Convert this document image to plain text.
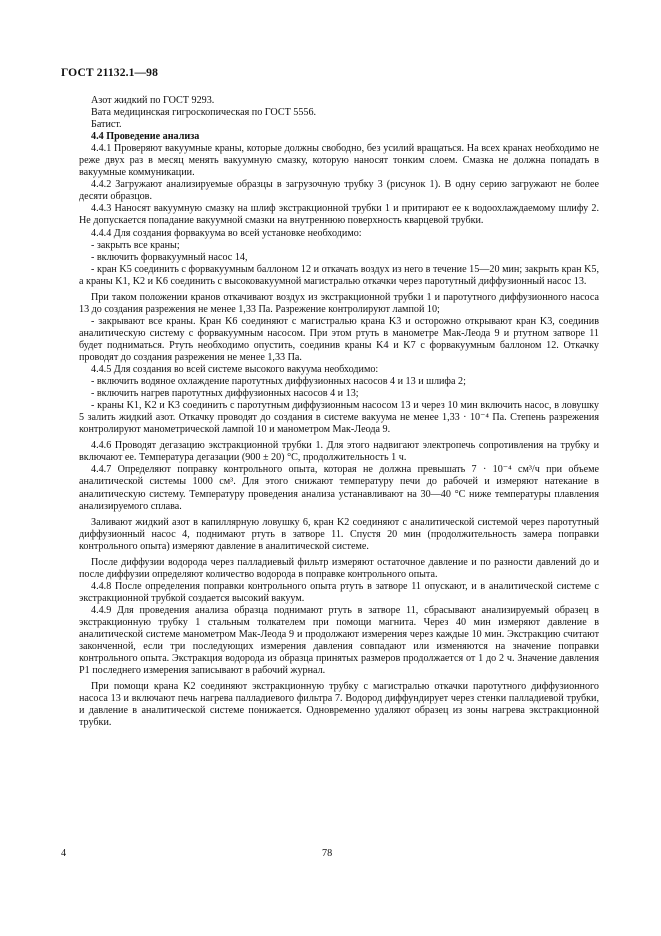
ГОСТ 21132.1—98

Азот жидкий по ГОСТ 9293.

Вата медицинская гигроскопическая по ГОСТ 5556.

Батист.

4.4 Проведение анализа

4.4.1 Проверяют вакуумные краны, которые должны свободно, без усилий вращаться. На всех кранах необходимо не реже двух раз в месяц менять вакуумную смазку, которую наносят тонким слоем. Смазка не должна попадать в вакуумные коммуникации.

4.4.2 Загружают анализируемые образцы в загрузочную трубку 3 (рисунок 1). В одну серию загружают не более десяти образцов.

4.4.3 Наносят вакуумную смазку на шлиф экстракционной трубки 1 и притирают ее к водоохлаждаемому шлифу 2. Не допускается попадание вакуумной смазки на внутреннюю поверхность кварцевой трубки.

4.4.4 Для создания форвакуума во всей установке необходимо:

- закрыть все краны;

- включить форвакуумный насос 14,

- кран K5 соединить с форвакуумным баллоном 12 и откачать воздух из него в течение 15—20 мин; закрыть кран K5, а краны K1, K2 и K6 соединить с высоковакуумной магистралью откачки через паротутный диффузионный насос 13.

При таком положении кранов откачивают воздух из экстракционной трубки 1 и паротутного диффузионного насоса 13 до создания разрежения не менее 1,33 Па. Разрежение контролируют лампой 10;

- закрывают все краны. Кран K6 соединяют с магистралью крана K3 и осторожно открывают кран K3, соединив аналитическую систему с форвакуумным насосом. При этом ртуть в манометре Мак-Леода 9 и ртутном затворе 11 будет подниматься. Ртуть необходимо опустить, соединив краны K4 и K7 с форвакуумным баллоном 12. Откачку проводят до создания разрежения не менее 1,33 Па.

4.4.5 Для создания во всей системе высокого вакуума необходимо:

- включить водяное охлаждение паротутных диффузионных насосов 4 и 13 и шлифа 2;

- включить нагрев паротутных диффузионных насосов 4 и 13;

- краны K1, K2 и K3 соединить с паротутным диффузионным насосом 13 и через 10 мин включить насос, в ловушку 5 залить жидкий азот. Откачку проводят до создания в системе вакуума не менее 1,33 · 10⁻⁴ Па. Степень разрежения контролируют манометрической лампой 10 и манометром Мак-Леода 9.

4.4.6 Проводят дегазацию экстракционной трубки 1. Для этого надвигают электропечь сопротивления на трубку и включают ее. Температура дегазации (900 ± 20) °С, продолжительность 1 ч.

4.4.7 Определяют поправку контрольного опыта, которая не должна превышать 7 · 10⁻⁴ см³/ч при объеме аналитической системы 1000 см³. Для этого снижают температуру печи до рабочей и измеряют натекание в аналитическую систему. Температуру проведения анализа устанавливают на 30—40 °С ниже температуры плавления анализируемого сплава.

Заливают жидкий азот в капиллярную ловушку 6, кран K2 соединяют с аналитической системой через паротутный диффузионный насос 4, поднимают ртуть в затворе 11. Спустя 20 мин (продолжительность замера поправки контрольного опыта) измеряют давление в аналитической системе.

После диффузии водорода через палладиевый фильтр измеряют остаточное давление и по разности давлений до и после диффузии определяют количество водорода в поправке контрольного опыта.

4.4.8 После определения поправки контрольного опыта ртуть в затворе 11 опускают, и в аналитической системе с экстракционной трубкой создается высокий вакуум.

4.4.9 Для проведения анализа образца поднимают ртуть в затворе 11, сбрасывают анализируемый образец в экстракционную трубку 1 стальным толкателем при помощи магнита. Через 40 мин измеряют давление в аналитической системе манометром Мак-Леода 9 и продолжают измерения через каждые 10 мин. Экстракцию считают законченной, если три последующих измерения давления совпадают или изменяются на значение поправки контрольного опыта. Экстракция водорода из образца принятых размеров продолжается от 1 до 2 ч. Значение давления P1 последнего измерения записывают в рабочий журнал.

При помощи крана K2 соединяют экстракционную трубку с магистралью откачки паротутного диффузионного насоса 13 и включают печь нагрева палладиевого фильтра 7. Водород диффундирует через стенки палладиевой трубки, и давление в аналитической системе понижается. Одновременно удаляют образец из зоны нагрева экстракционной трубки.

4	78
